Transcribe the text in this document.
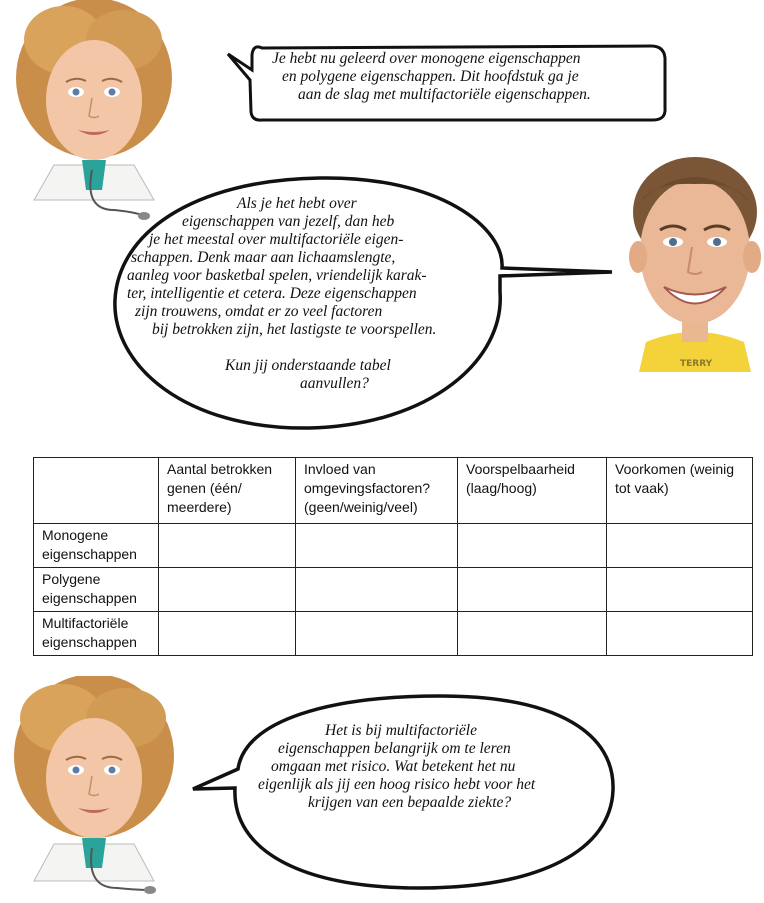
TERRY
Je hebt nu geleerd over monogene eigenschappen
en polygene eigenschappen. Dit hoofdstuk ga je
aan de slag met multifactoriële eigenschappen.
Als je het hebt over
eigenschappen van jezelf, dan heb
je het meestal over multifactoriële eigen-
schappen. Denk maar aan lichaamslengte,
aanleg voor basketbal spelen, vriendelijk karak-
ter, intelligentie et cetera. Deze eigenschappen
zijn trouwens, omdat er zo veel factoren
bij betrokken zijn, het lastigste te voorspellen.
Kun jij onderstaande tabel
aanvullen?
	Aantal betrokken genen (één/ meerdere)	Invloed van omgevingsfactoren? (geen/weinig/veel)	Voorspelbaarheid (laag/hoog)	Voorkomen (weinig tot vaak)
Monogene eigenschappen				
Polygene eigenschappen				
Multifactoriële eigenschappen				
Het is bij multifactoriële
eigenschappen belangrijk om te leren
omgaan met risico. Wat betekent het nu
eigenlijk als jij een hoog risico hebt voor het
krijgen van een bepaalde ziekte?
